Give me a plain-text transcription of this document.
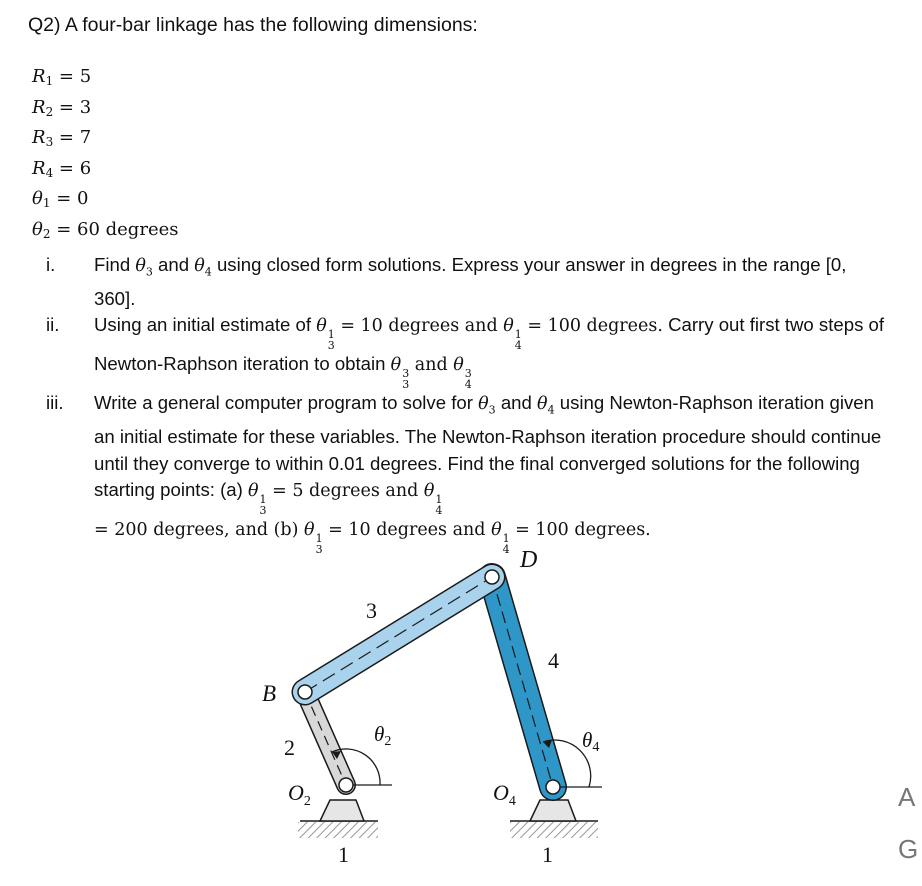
Q2) A four-bar linkage has the following dimensions:
$R_1 = 5$
$R_2 = 3$
$R_3 = 7$
$R_4 = 6$
$\theta_1 = 0$
$\theta_2 = 60$ degrees
i.	Find $\theta_3$ and $\theta_4$ using closed form solutions. Express your answer in degrees in the range [0, 360].
ii.	Using an initial estimate of θ 1
3
= 10 degrees and θ 1
4
= 100 degrees. Carry out first two steps of Newton-Raphson iteration to obtain θ 3
3
and θ 3
4
iii.	Write a general computer program to solve for $\theta_3$ and $\theta_4$ using Newton-Raphson iteration given an initial estimate for these variables. The Newton-Raphson iteration procedure should continue until they converge to within 0.01 degrees. Find the final converged solutions for the following starting points: (a) θ 1
3
= 5 degrees and θ 1
4
= 200 degrees, and (b) θ 1
3
= 10 degrees and θ 1
4
= 100 degrees.
D
B
3
4
2
θ2	θ4
$O_2$	$O_4$
1	1
A
G
